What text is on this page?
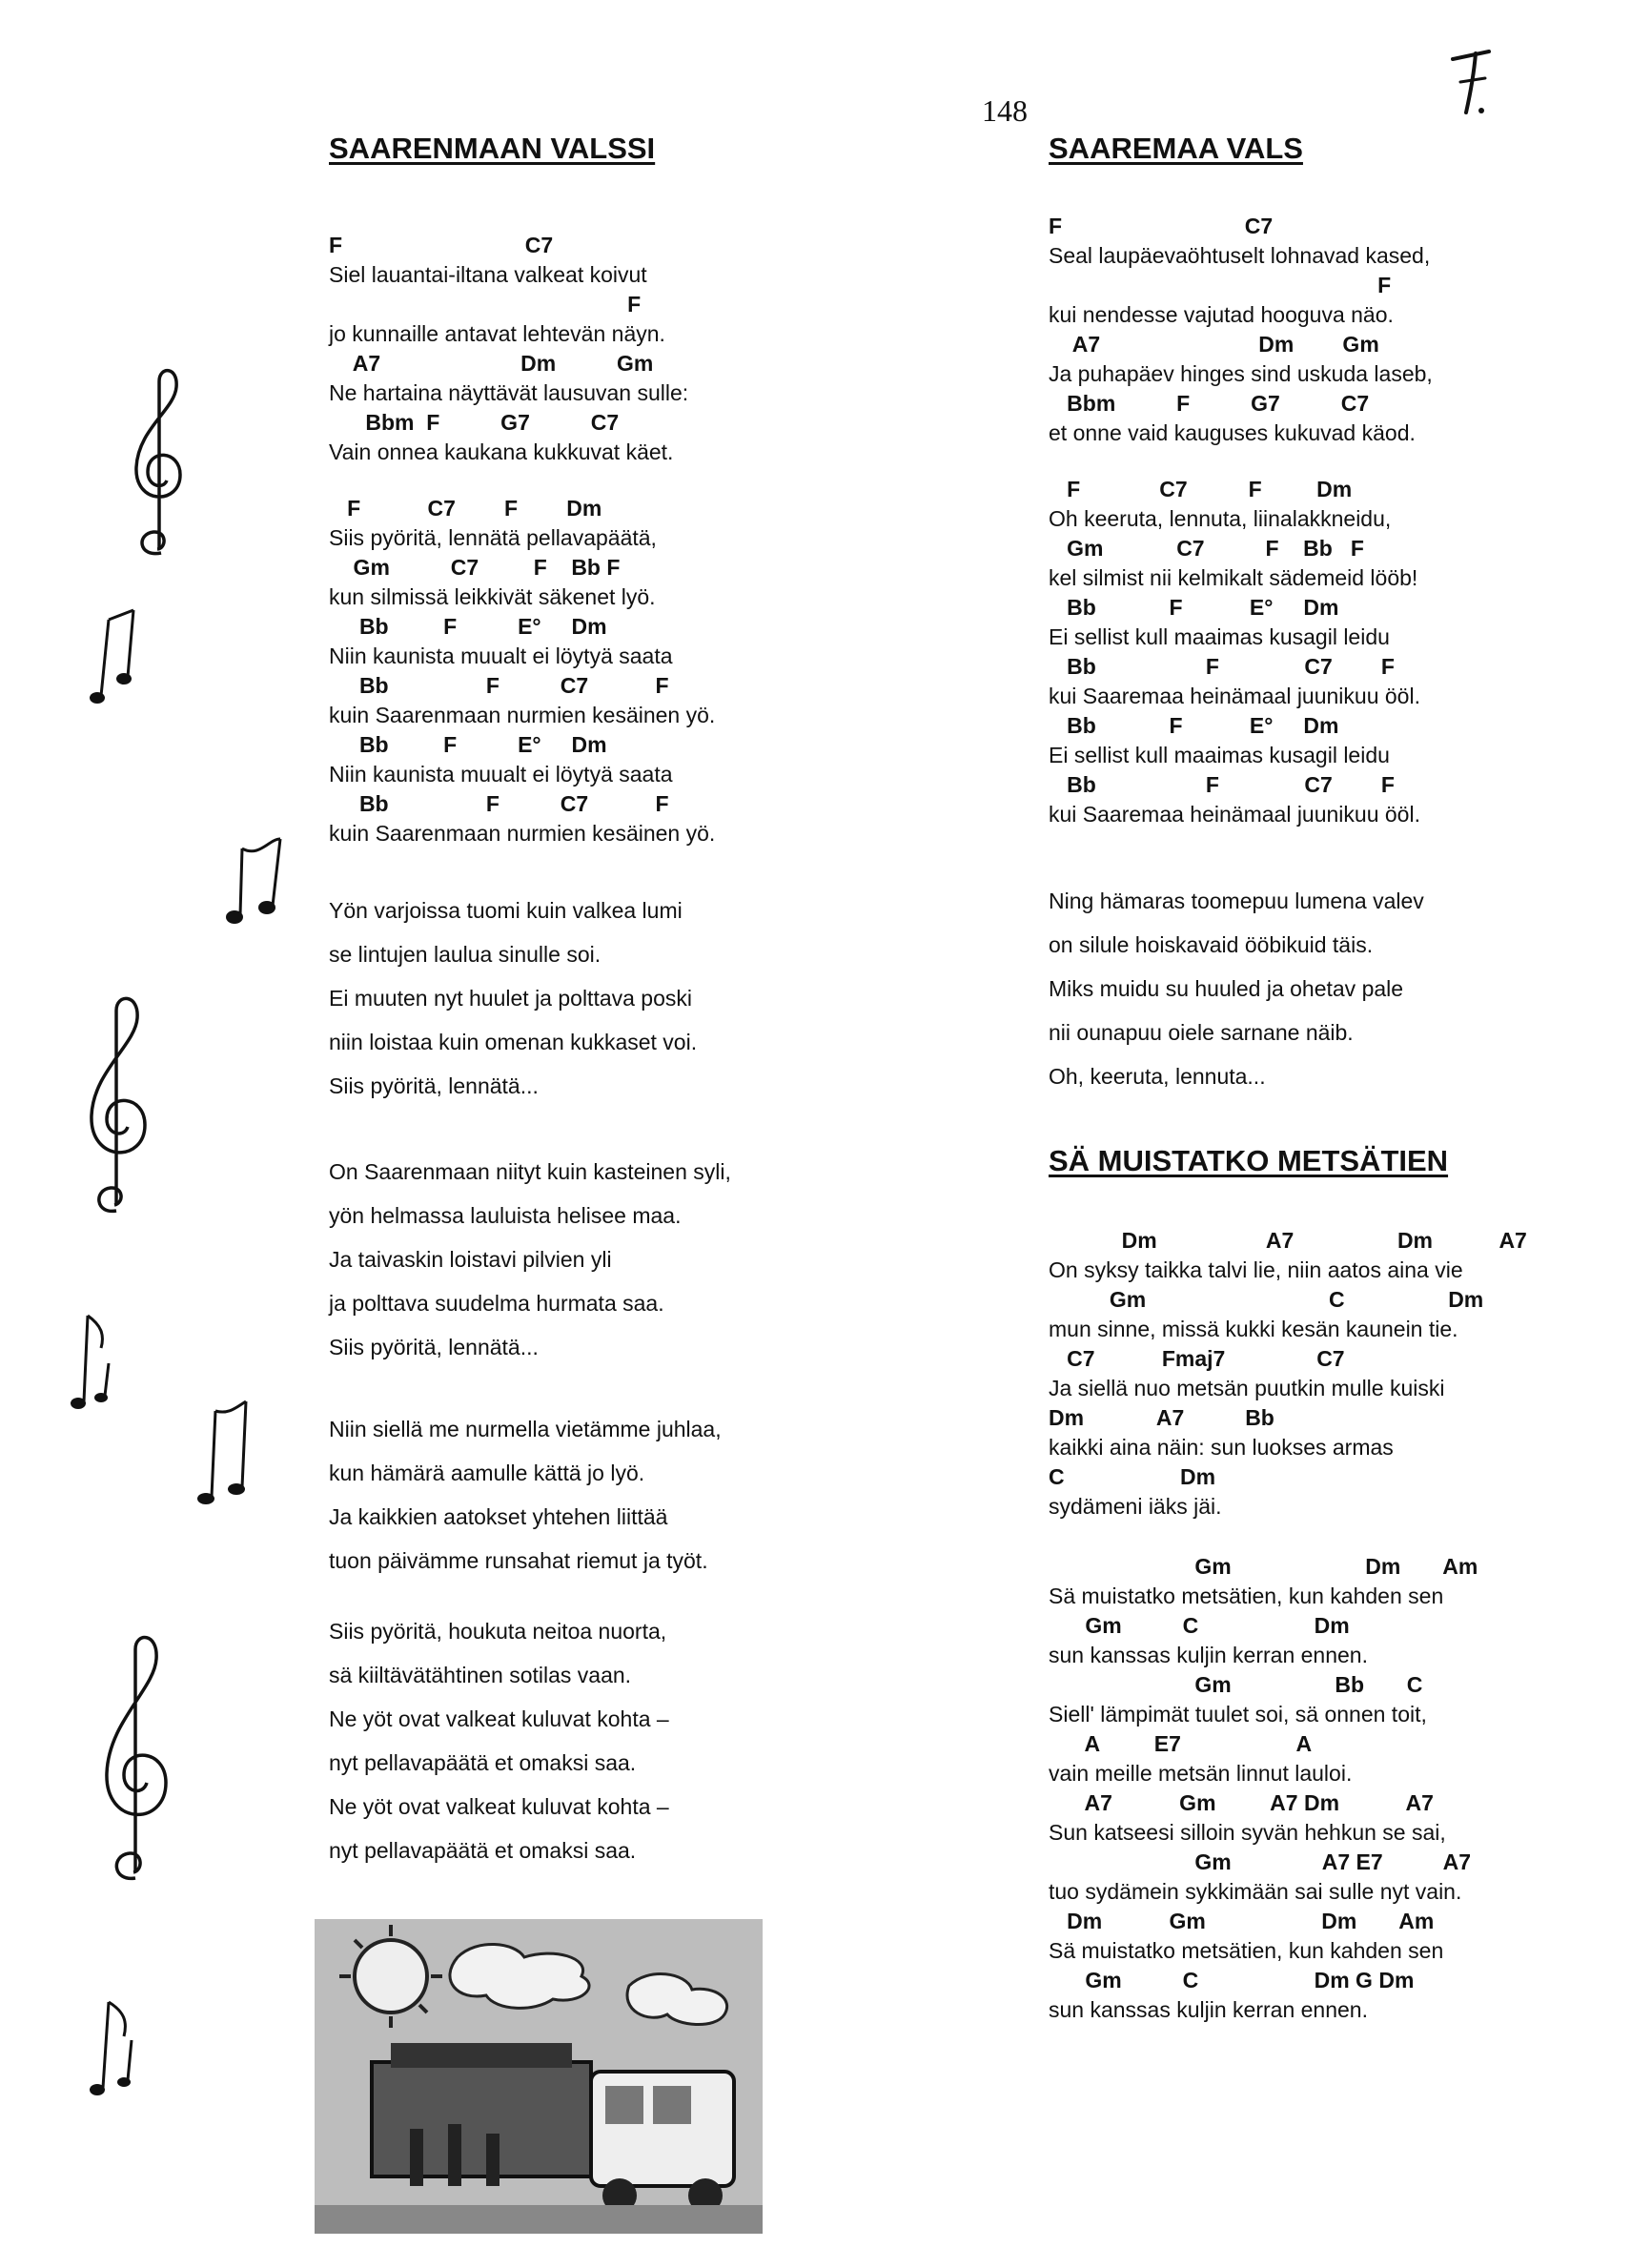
148
SAARENMAAN VALSSI
F                              C7
Siel lauantai-iltana valkeat koivut
F
jo kunnaille antavat lehtevän näyn.
A7                       Dm          Gm
Ne hartaina näyttävät lausuvan sulle:
Bbm  F          G7          C7
Vain onnea kaukana kukkuvat käet.
F           C7        F        Dm
Siis pyöritä, lennätä pellavapäätä,
Gm          C7         F    Bb F
kun silmissä leikkivät säkenet lyö.
Bb         F          E°     Dm
Niin kaunista muualt ei löytyä saata
Bb                F          C7           F
kuin Saarenmaan nurmien kesäinen yö.
Bb         F          E°     Dm
Niin kaunista muualt ei löytyä saata
Bb                F          C7           F
kuin Saarenmaan nurmien kesäinen yö.
Yön varjoissa tuomi kuin valkea lumi
se lintujen laulua sinulle soi.
Ei muuten nyt huulet ja polttava poski
niin loistaa kuin omenan kukkaset voi.
Siis pyöritä, lennätä...
On Saarenmaan niityt kuin kasteinen syli,
yön helmassa lauluista helisee maa.
Ja taivaskin loistavi pilvien yli
ja polttava suudelma hurmata saa.
Siis pyöritä, lennätä...
Niin siellä me nurmella vietämme juhlaa,
kun hämärä aamulle kättä jo lyö.
Ja kaikkien aatokset yhtehen liittää
tuon päivämme runsahat riemut ja työt.
Siis pyöritä, houkuta neitoa nuorta,
sä kiiltävätähtinen sotilas vaan.
Ne yöt ovat valkeat kuluvat kohta –
nyt pellavapäätä et omaksi saa.
Ne yöt ovat valkeat kuluvat kohta –
nyt pellavapäätä et omaksi saa.
SAAREMAA VALS
F                              C7
Seal laupäevaöhtuselt lohnavad kased,
F
kui nendesse vajutad hooguva näo.
A7                          Dm        Gm
Ja puhapäev hinges sind uskuda laseb,
Bbm          F          G7          C7
et onne vaid kauguses kukuvad käod.
F             C7          F         Dm
Oh keeruta, lennuta, liinalakkneidu,
Gm            C7          F    Bb   F
kel silmist nii kelmikalt sädemeid lööb!
Bb            F           E°     Dm
Ei sellist kull maaimas kusagil leidu
Bb                  F              C7        F
kui Saaremaa heinämaal juunikuu ööl.
Bb            F           E°     Dm
Ei sellist kull maaimas kusagil leidu
Bb                  F              C7        F
kui Saaremaa heinämaal juunikuu ööl.
Ning hämaras toomepuu lumena valev
on silule hoiskavaid ööbikuid täis.
Miks muidu su huuled ja ohetav pale
nii ounapuu oiele sarnane näib.
Oh, keeruta, lennuta...
SÄ MUISTATKO METSÄTIEN
Dm                  A7                 Dm           A7
On syksy taikka talvi lie, niin aatos aina vie
Gm                              C                 Dm
mun sinne, missä kukki kesän kaunein tie.
C7           Fmaj7               C7
Ja siellä nuo metsän puutkin mulle kuiski
Dm            A7          Bb
kaikki aina näin: sun luokses armas
C                   Dm
sydämeni iäks jäi.
Gm                      Dm       Am
Sä muistatko metsätien, kun kahden sen
Gm          C                   Dm
sun kanssas kuljin kerran ennen.
Gm                 Bb       C
Siell' lämpimät tuulet soi, sä onnen toit,
A         E7                   A
vain meille metsän linnut lauloi.
A7           Gm         A7 Dm           A7
Sun katseesi silloin syvän hehkun se sai,
Gm               A7 E7          A7
tuo sydämein sykkimään sai sulle nyt vain.
Dm           Gm                   Dm       Am
Sä muistatko metsätien, kun kahden sen
Gm          C                   Dm G Dm
sun kanssas kuljin kerran ennen.
